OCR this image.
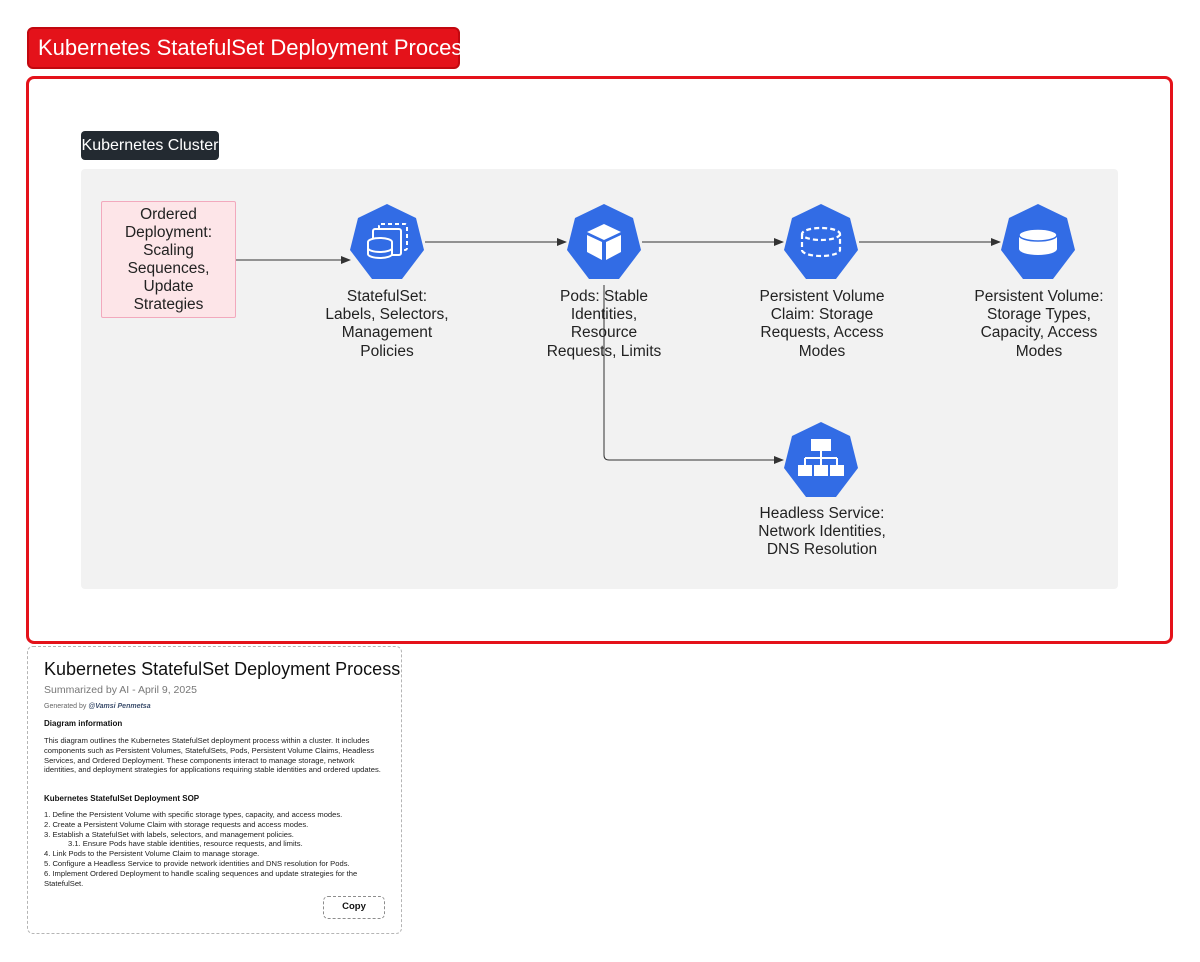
Kubernetes StatefulSet Deployment Process
Kubernetes Cluster
Ordered Deployment: Scaling Sequences, Update Strategies	StatefulSet: Labels, Selectors, Management Policies
Pods: Stable Identities, Resource Requests, Limits
Persistent Volume Claim: Storage Requests, Access Modes
Persistent Volume: Storage Types, Capacity, Access Modes
Headless Service: Network Identities, DNS Resolution
Kubernetes StatefulSet Deployment Process
Summarized by AI - April 9, 2025
Generated by @Vamsi Penmetsa
Diagram information
This diagram outlines the Kubernetes StatefulSet deployment process within a cluster. It includes components such as Persistent Volumes, StatefulSets, Pods, Persistent Volume Claims, Headless Services, and Ordered Deployment. These components interact to manage storage, network identities, and deployment strategies for applications requiring stable identities and ordered updates.
Kubernetes StatefulSet Deployment SOP
1. Define the Persistent Volume with specific storage types, capacity, and access modes.
2. Create a Persistent Volume Claim with storage requests and access modes.
3. Establish a StatefulSet with labels, selectors, and management policies.
3.1. Ensure Pods have stable identities, resource requests, and limits.
4. Link Pods to the Persistent Volume Claim to manage storage.
5. Configure a Headless Service to provide network identities and DNS resolution for Pods.
6. Implement Ordered Deployment to handle scaling sequences and update strategies for the StatefulSet.
Copy
